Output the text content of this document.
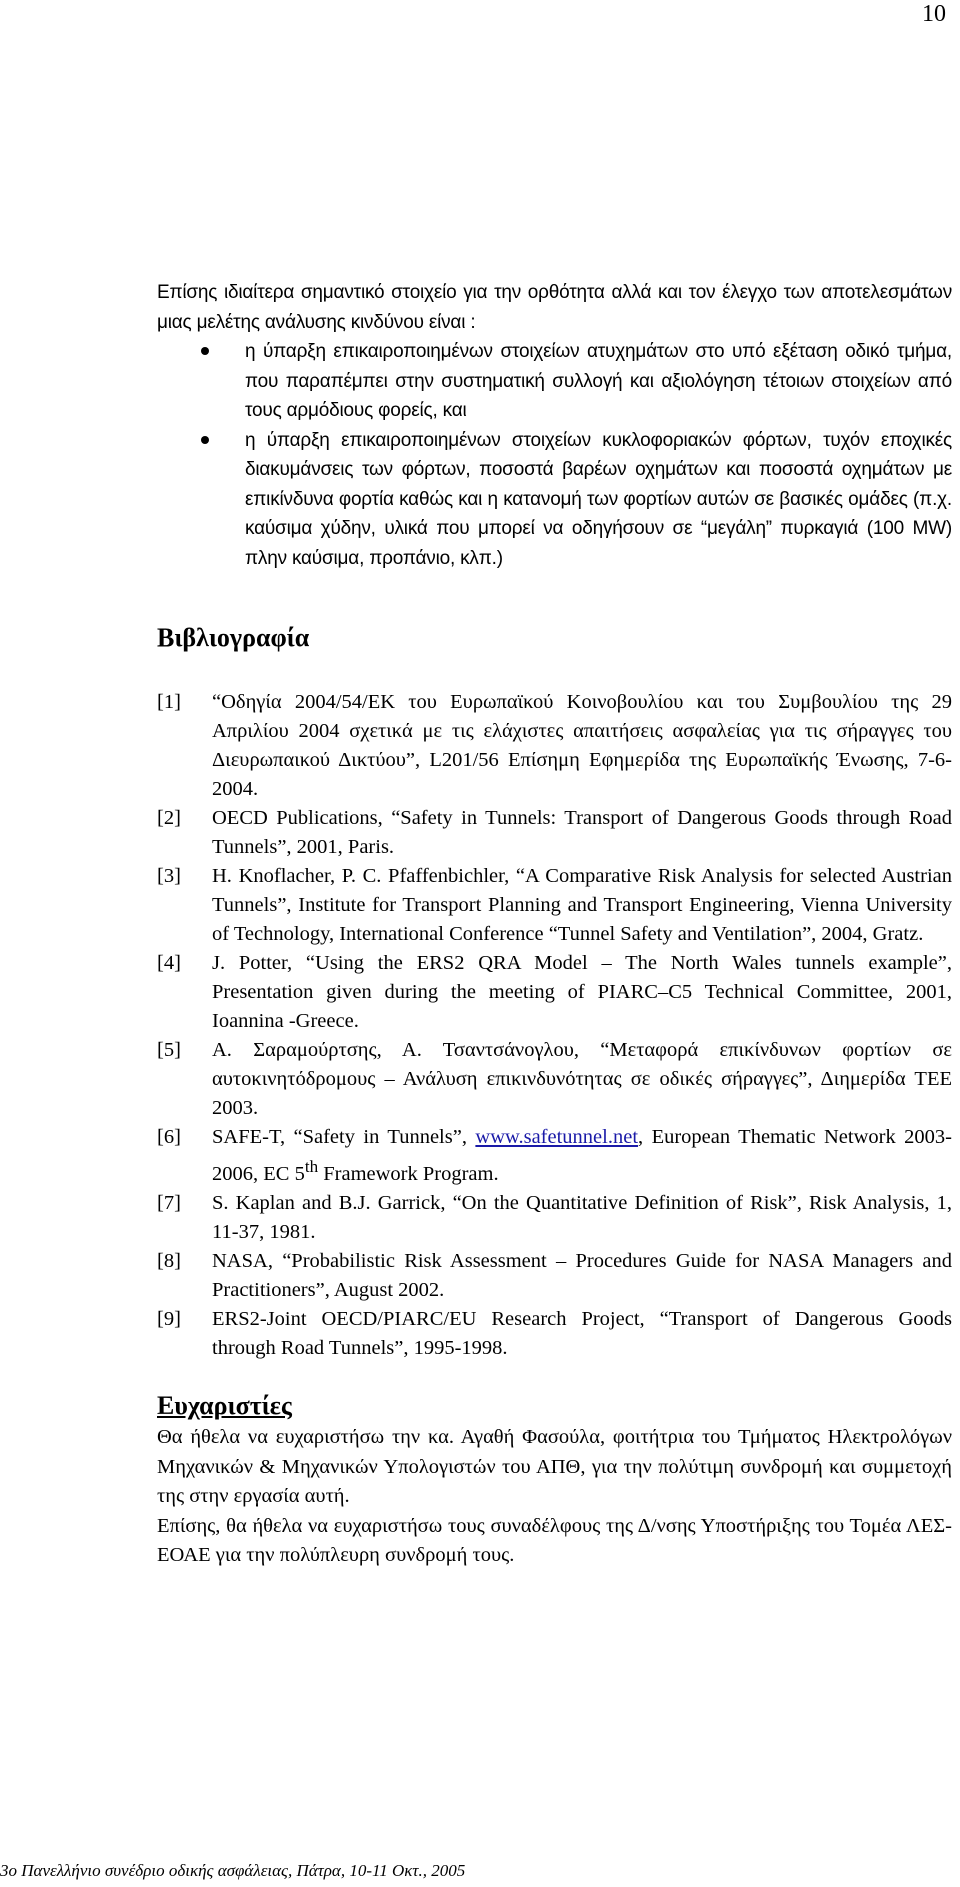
10

Επίσης ιδιαίτερα σημαντικό στοιχείο για την ορθότητα αλλά και τον έλεγχο των αποτελεσμάτων μιας μελέτης ανάλυσης κινδύνου είναι :

η ύπαρξη επικαιροποιημένων στοιχείων ατυχημάτων στο υπό εξέταση οδικό τμήμα, που παραπέμπει στην συστηματική συλλογή και αξιολόγηση τέτοιων στοιχείων από τους αρμόδιους φορείς, και
η ύπαρξη επικαιροποιημένων στοιχείων κυκλοφοριακών φόρτων, τυχόν εποχικές διακυμάνσεις των φόρτων, ποσοστά βαρέων οχημάτων και ποσοστά οχημάτων με επικίνδυνα φορτία καθώς και η κατανομή των φορτίων αυτών σε βασικές ομάδες (π.χ. καύσιμα χύδην, υλικά που μπορεί να οδηγήσουν σε “μεγάλη” πυρκαγιά (100 MW) πλην καύσιμα, προπάνιο, κλπ.)
Βιβλιογραφία
[1] “Οδηγία 2004/54/ΕΚ του Ευρωπαϊκού Κοινοβουλίου και του Συμβουλίου της 29 Απριλίου 2004 σχετικά με τις ελάχιστες απαιτήσεις ασφαλείας για τις σήραγγες του Διευρωπαικού Δικτύου”, L201/56 Επίσημη Εφημερίδα της Ευρωπαϊκής Ένωσης, 7-6-2004.
[2] OECD Publications, “Safety in Tunnels: Transport of Dangerous Goods through Road Tunnels”, 2001, Paris.
[3] H. Knoflacher, P. C. Pfaffenbichler, “A Comparative Risk Analysis for selected Austrian Tunnels”, Institute for Transport Planning and Transport Engineering, Vienna University of Technology, International Conference “Tunnel Safety and Ventilation”, 2004, Gratz.
[4] J. Potter, “Using the ERS2 QRA Model – The North Wales tunnels example”, Presentation given during the meeting of PIARC–C5 Technical Committee, 2001, Ioannina -Greece.
[5] Α. Σαραμούρτσης, Α. Τσαντσάνογλου, “Μεταφορά επικίνδυνων φορτίων σε αυτοκινητόδρομους – Ανάλυση επικινδυνότητας σε οδικές σήραγγες”, Διημερίδα ΤΕΕ 2003.
[6] SAFE-T, “Safety in Tunnels”, www.safetunnel.net, European Thematic Network 2003-2006, EC 5th Framework Program.
[7] S. Kaplan and B.J. Garrick, “On the Quantitative Definition of Risk”, Risk Analysis, 1, 11-37, 1981.
[8] NASA, “Probabilistic Risk Assessment – Procedures Guide for NASA Managers and Practitioners”, August 2002.
[9] ERS2-Joint OECD/PIARC/EU Research Project, “Transport of Dangerous Goods through Road Tunnels”, 1995-1998.
Ευχαριστίες

Θα ήθελα να ευχαριστήσω την κα. Αγαθή Φασούλα, φοιτήτρια του Τμήματος Ηλεκτρολόγων Μηχανικών & Μηχανικών Υπολογιστών του ΑΠΘ, για την πολύτιμη συνδρομή και συμμετοχή της στην εργασία αυτή.

Επίσης, θα ήθελα να ευχαριστήσω τους συναδέλφους της Δ/νσης Υποστήριξης του Τομέα ΛΕΣ-ΕΟΑΕ για την πολύπλευρη συνδρομή τους.

3ο Πανελλήνιο συνέδριο οδικής ασφάλειας, Πάτρα, 10-11 Οκτ., 2005
